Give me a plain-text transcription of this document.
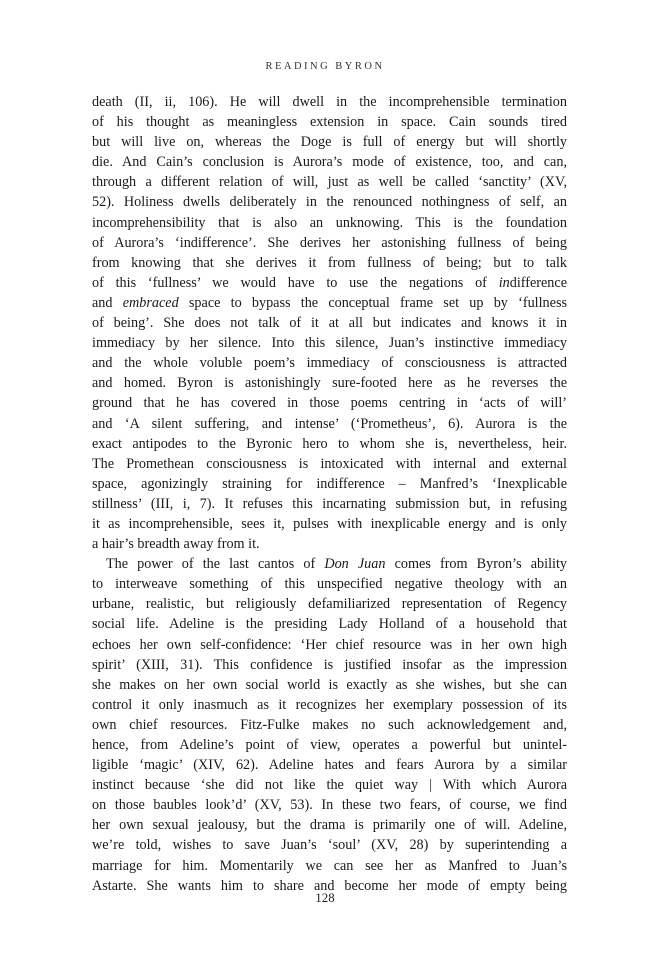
READING BYRON
death (II, ii, 106). He will dwell in the incomprehensible termination
of his thought as meaningless extension in space. Cain sounds tired
but will live on, whereas the Doge is full of energy but will shortly
die. And Cain’s conclusion is Aurora’s mode of existence, too, and can,
through a different relation of will, just as well be called ‘sanctity’ (XV,
52). Holiness dwells deliberately in the renounced nothingness of self, an
incomprehensibility that is also an unknowing. This is the foundation
of Aurora’s ‘indifference’. She derives her astonishing fullness of being
from knowing that she derives it from fullness of being; but to talk
of this ‘fullness’ we would have to use the negations of indifference
and embraced space to bypass the conceptual frame set up by ‘fullness
of being’. She does not talk of it at all but indicates and knows it in
immediacy by her silence. Into this silence, Juan’s instinctive immediacy
and the whole voluble poem’s immediacy of consciousness is attracted
and homed. Byron is astonishingly sure-footed here as he reverses the
ground that he has covered in those poems centring in ‘acts of will’
and ‘A silent suffering, and intense’ (‘Prometheus’, 6). Aurora is the
exact antipodes to the Byronic hero to whom she is, nevertheless, heir.
The Promethean consciousness is intoxicated with internal and external
space, agonizingly straining for indifference – Manfred’s ‘Inexplicable
stillness’ (III, i, 7). It refuses this incarnating submission but, in refusing
it as incomprehensible, sees it, pulses with inexplicable energy and is only
a hair’s breadth away from it.
The power of the last cantos of Don Juan comes from Byron’s ability
to interweave something of this unspecified negative theology with an
urbane, realistic, but religiously defamiliarized representation of Regency
social life. Adeline is the presiding Lady Holland of a household that
echoes her own self-confidence: ‘Her chief resource was in her own high
spirit’ (XIII, 31). This confidence is justified insofar as the impression
she makes on her own social world is exactly as she wishes, but she can
control it only inasmuch as it recognizes her exemplary possession of its
own chief resources. Fitz-Fulke makes no such acknowledgement and,
hence, from Adeline’s point of view, operates a powerful but unintel-
ligible ‘magic’ (XIV, 62). Adeline hates and fears Aurora by a similar
instinct because ‘she did not like the quiet way | With which Aurora
on those baubles look’d’ (XV, 53). In these two fears, of course, we find
her own sexual jealousy, but the drama is primarily one of will. Adeline,
we’re told, wishes to save Juan’s ‘soul’ (XV, 28) by superintending a
marriage for him. Momentarily we can see her as Manfred to Juan’s
Astarte. She wants him to share and become her mode of empty being
128
